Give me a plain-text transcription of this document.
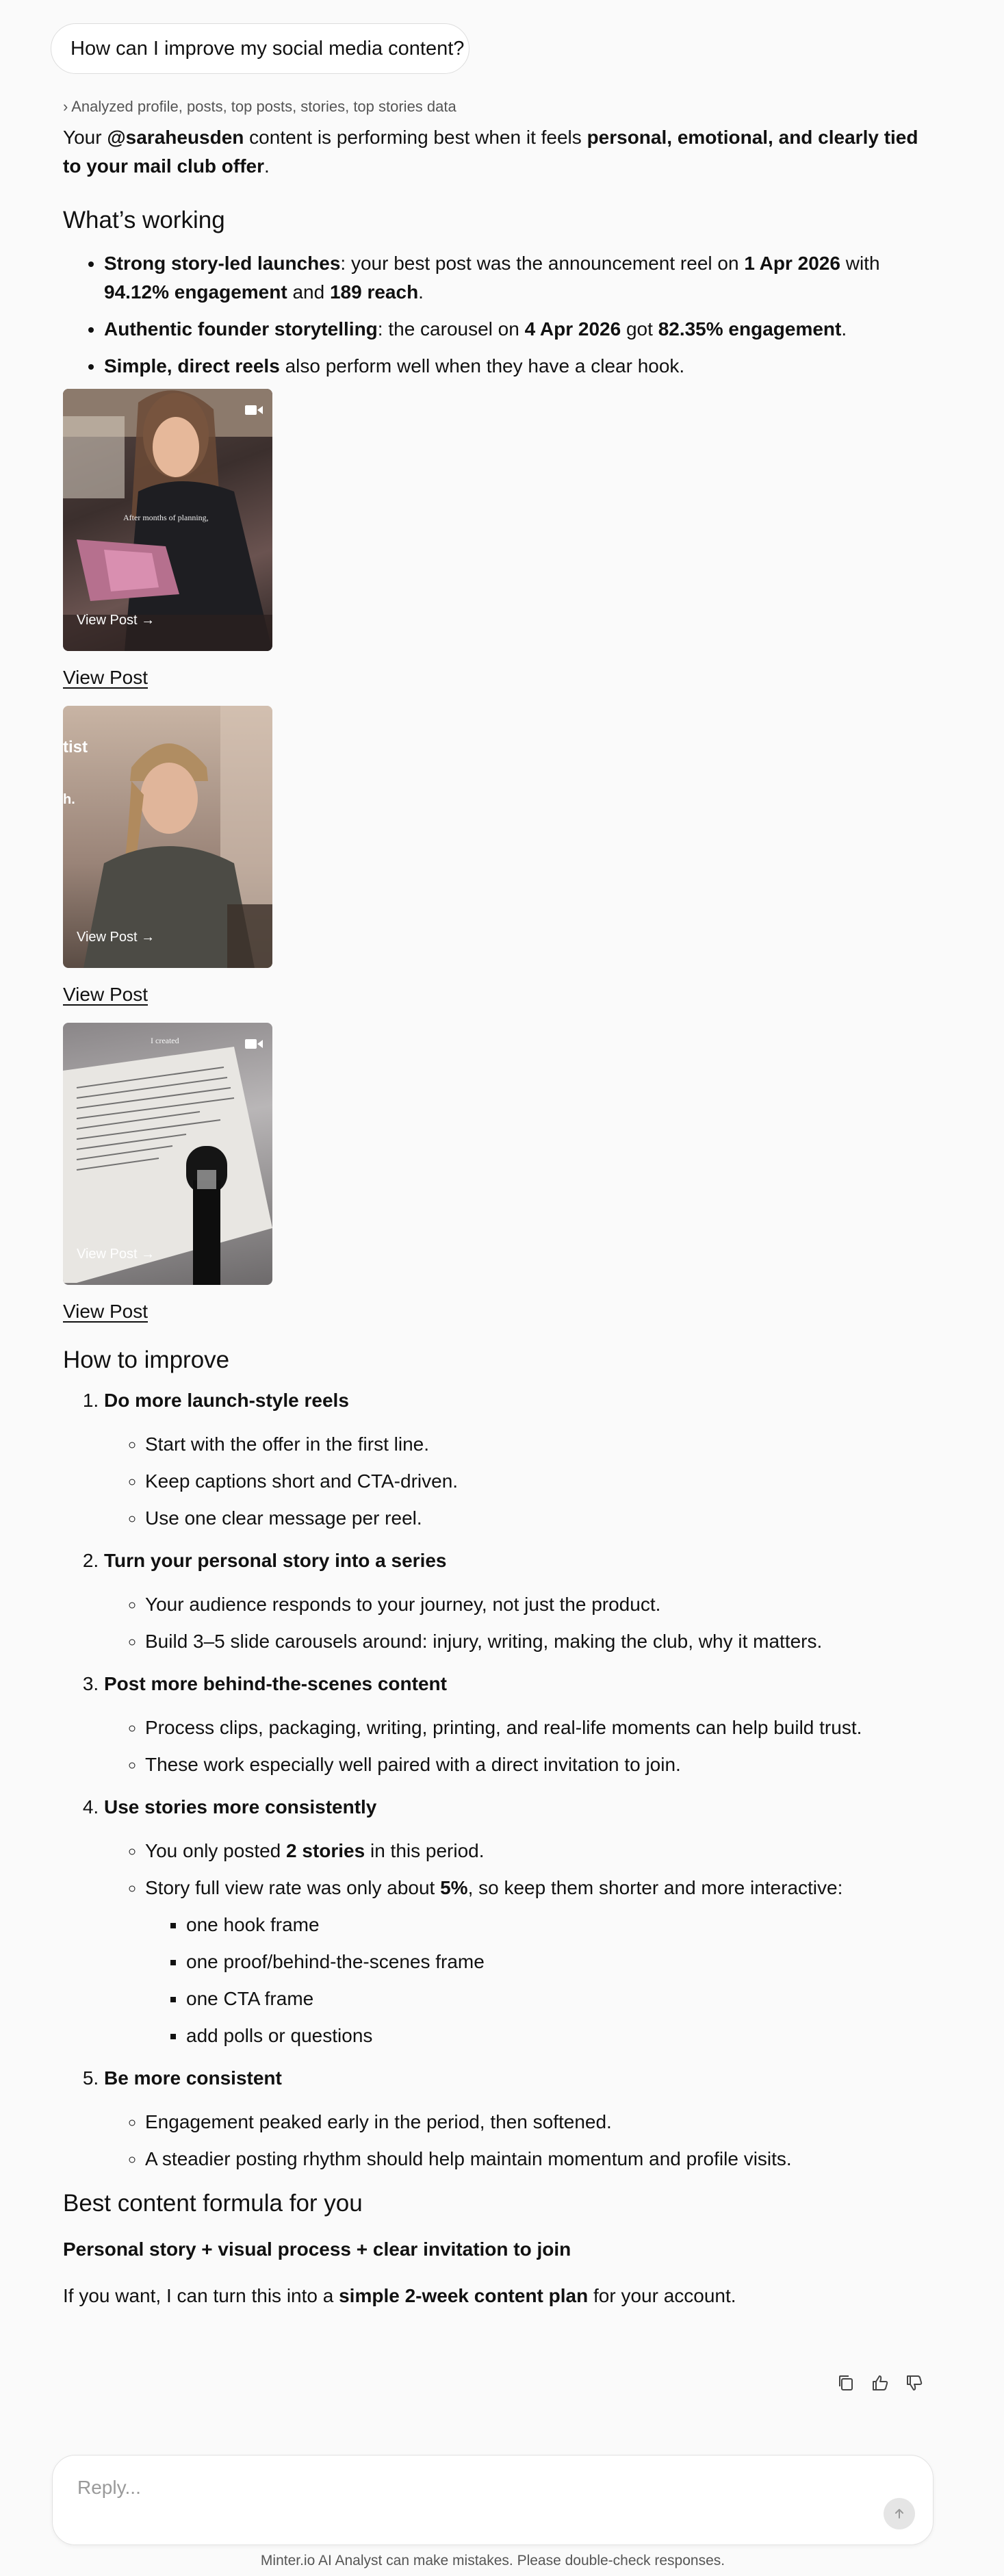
How can I improve my social media content?
› Analyzed profile, posts, top posts, stories, top stories data

Your @saraheusden content is performing best when it feels personal, emotional, and clearly tied to your mail club offer.

What’s working
• Strong story-led launches: your best post was the announcement reel on 1 Apr 2026 with 94.12% engagement and 189 reach.
• Authentic founder storytelling: the carousel on 4 Apr 2026 got 82.35% engagement.
• Simple, direct reels also perform well when they have a clear hook.
After months of planning,
View Post →
View Post
tist
h.
View Post →
View Post
I created
View Post →
View Post
How to improve
1. Do more launch-style reels
◦ Start with the offer in the first line.
◦ Keep captions short and CTA-driven.
◦ Use one clear message per reel.
2. Turn your personal story into a series
◦ Your audience responds to your journey, not just the product.
◦ Build 3–5 slide carousels around: injury, writing, making the club, why it matters.
3. Post more behind-the-scenes content
◦ Process clips, packaging, writing, printing, and real-life moments can help build trust.
◦ These work especially well paired with a direct invitation to join.
4. Use stories more consistently
◦ You only posted 2 stories in this period.
◦ Story full view rate was only about 5%, so keep them shorter and more interactive:
▪ one hook frame
▪ one proof/behind-the-scenes frame
▪ one CTA frame
▪ add polls or questions
5. Be more consistent
◦ Engagement peaked early in the period, then softened.
◦ A steadier posting rhythm should help maintain momentum and profile visits.
Best content formula for you

Personal story + visual process + clear invitation to join

If you want, I can turn this into a simple 2-week content plan for your account.

Reply...
Minter.io AI Analyst can make mistakes. Please double-check responses.
